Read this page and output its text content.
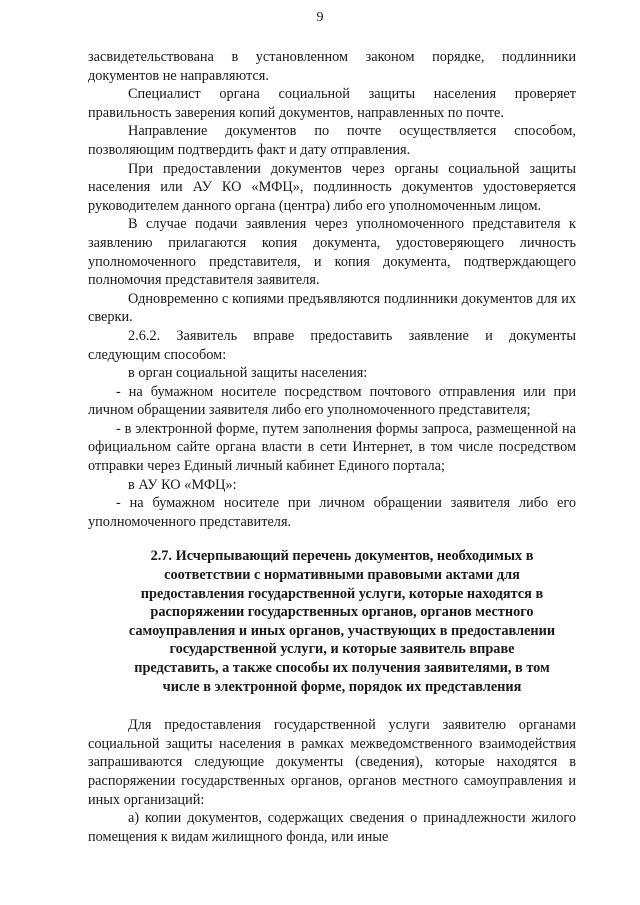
9

засвидетельствована в установленном законом порядке, подлинники документов не направляются.

Специалист органа социальной защиты населения проверяет правильность заверения копий документов, направленных по почте.

Направление документов по почте осуществляется способом, позволяющим подтвердить факт и дату отправления.

При предоставлении документов через органы социальной защиты населения или АУ КО «МФЦ», подлинность документов удостоверяется руководителем данного органа (центра) либо его уполномоченным лицом.

В случае подачи заявления через уполномоченного представителя к заявлению прилагаются копия документа, удостоверяющего личность уполномоченного представителя, и копия документа, подтверждающего полномочия представителя заявителя.

Одновременно с копиями предъявляются подлинники документов для их сверки.

2.6.2. Заявитель вправе предоставить заявление и документы следующим способом:

в орган социальной защиты населения:

- на бумажном носителе посредством почтового отправления или при личном обращении заявителя либо его уполномоченного представителя;

- в электронной форме, путем заполнения формы запроса, размещенной на официальном сайте органа власти в сети Интернет, в том числе посредством отправки через Единый личный кабинет Единого портала;

в АУ КО «МФЦ»:

- на бумажном носителе при личном обращении заявителя либо его уполномоченного представителя.

2.7. Исчерпывающий перечень документов, необходимых в соответствии с нормативными правовыми актами для предоставления государственной услуги, которые находятся в распоряжении государственных органов, органов местного самоуправления и иных органов, участвующих в предоставлении государственной услуги, и которые заявитель вправе представить, а также способы их получения заявителями, в том числе в электронной форме, порядок их представления

Для предоставления государственной услуги заявителю органами социальной защиты населения в рамках межведомственного взаимодействия запрашиваются следующие документы (сведения), которые находятся в распоряжении государственных органов, органов местного самоуправления и иных организаций:

а) копии документов, содержащих сведения о принадлежности жилого помещения к видам жилищного фонда, или иные
